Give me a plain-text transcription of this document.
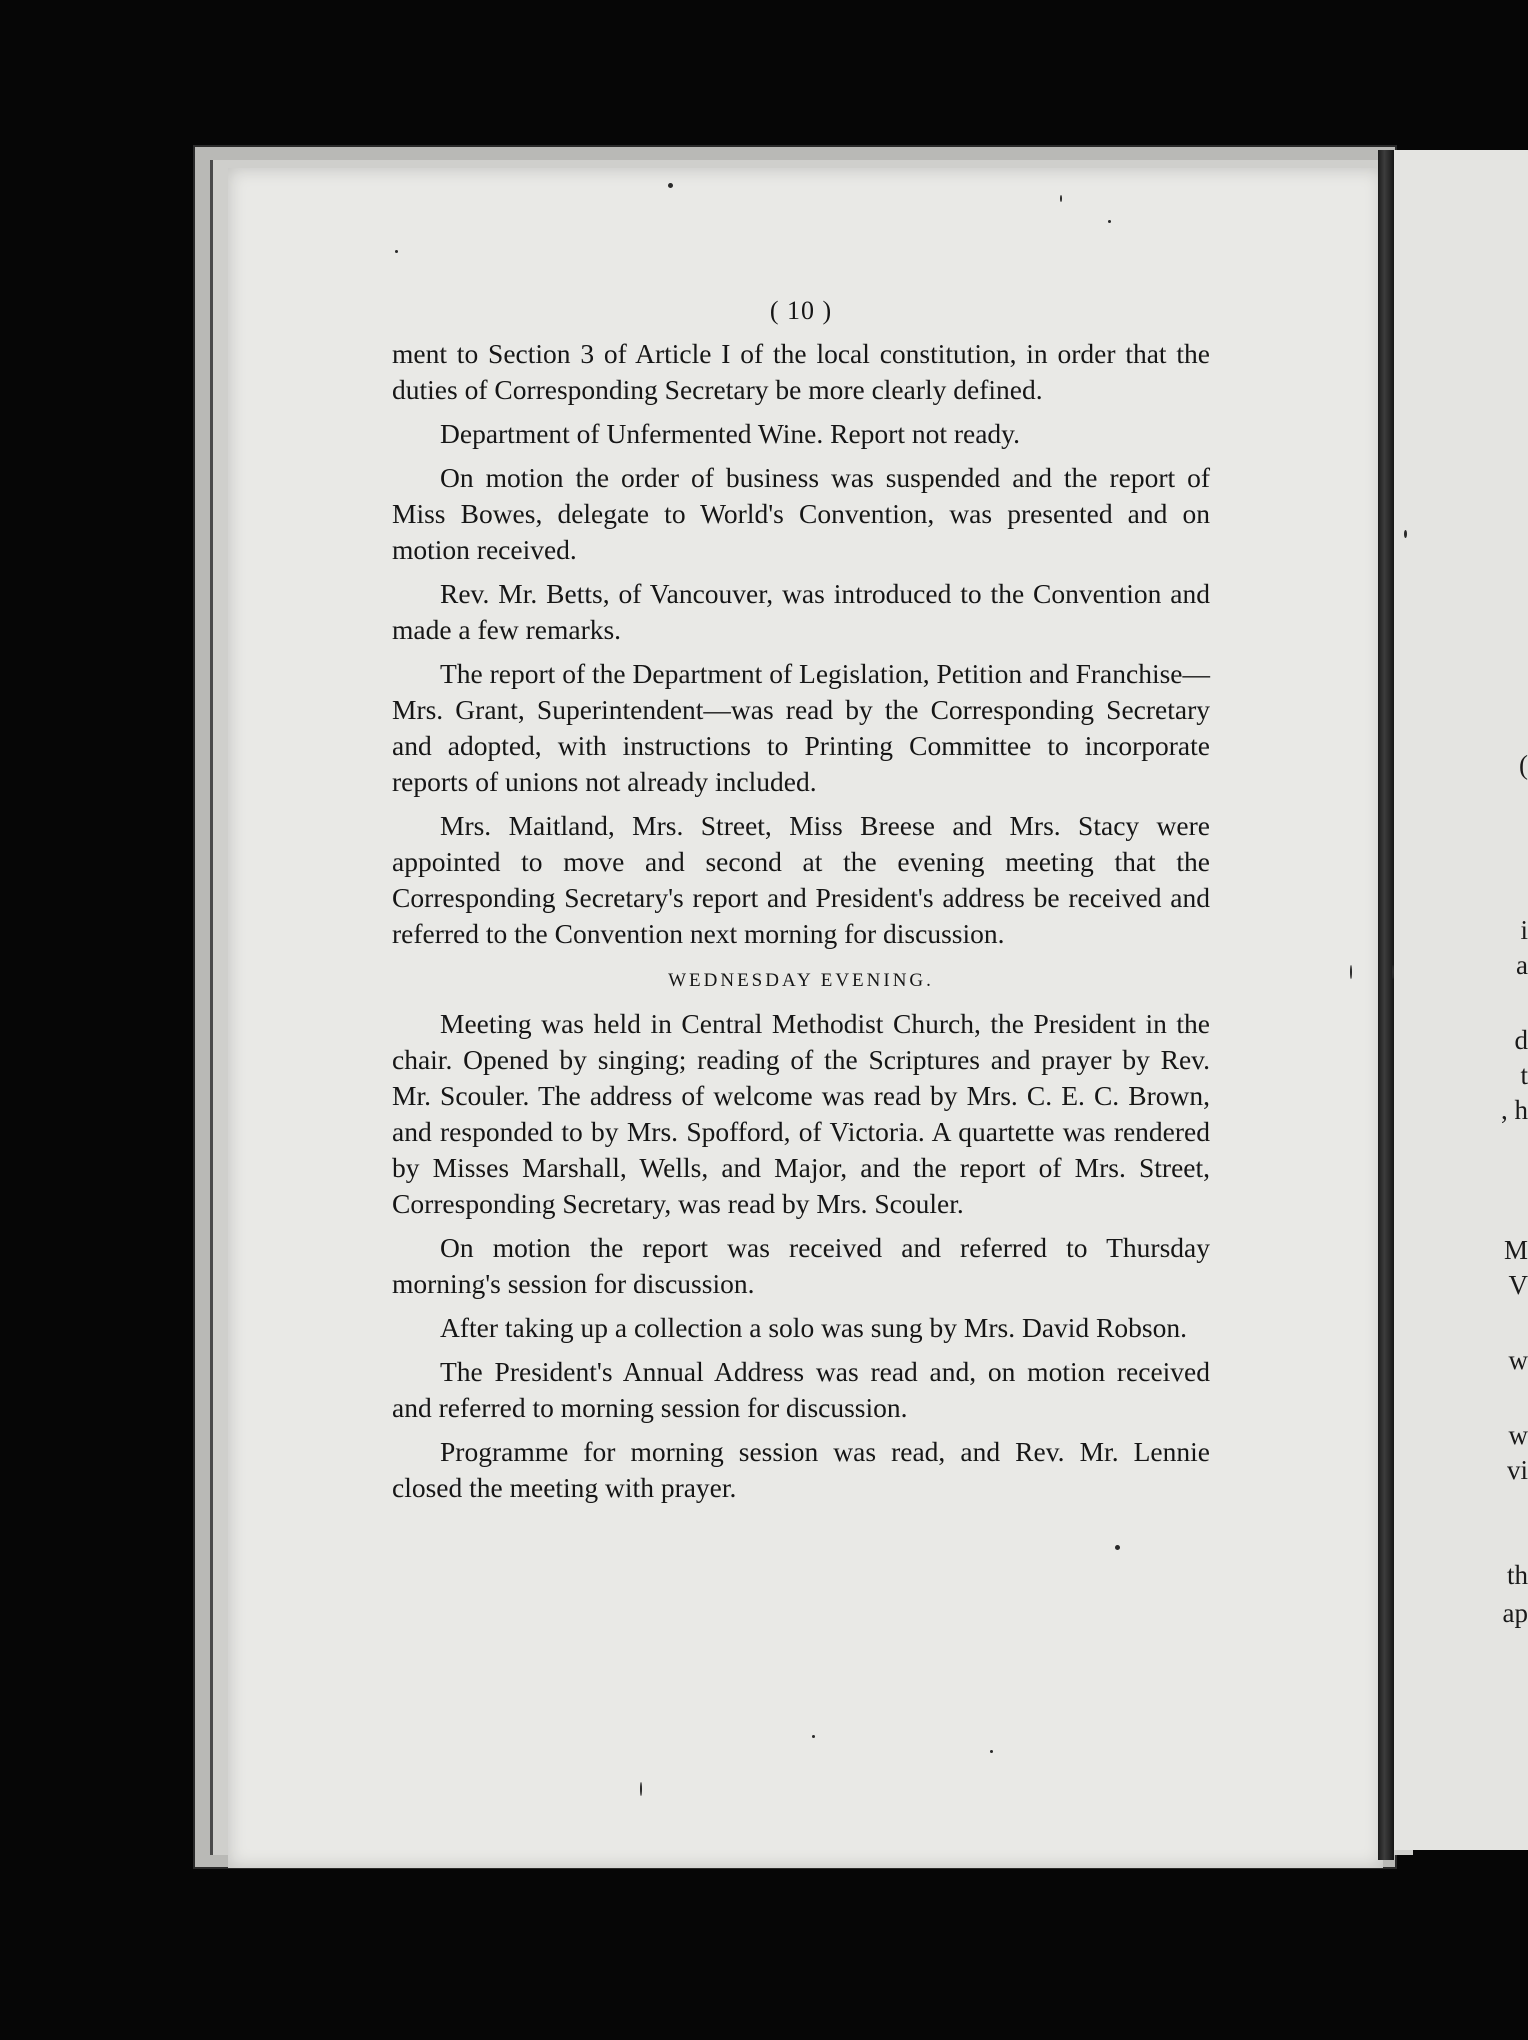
(
i
a
d
t
, h
M
V
w
w
vi
th
ap
( 10 )

ment to Section 3 of Article I of the local constitution, in order that the duties of Corresponding Secretary be more clearly defined.

Department of Unfermented Wine. Report not ready.

On motion the order of business was suspended and the report of Miss Bowes, delegate to World's Convention, was presented and on motion received.

Rev. Mr. Betts, of Vancouver, was introduced to the Convention and made a few remarks.

The report of the Department of Legislation, Petition and Franchise—Mrs. Grant, Superintendent—was read by the Corresponding Secretary and adopted, with instructions to Printing Committee to incorporate reports of unions not already included.

Mrs. Maitland, Mrs. Street, Miss Breese and Mrs. Stacy were appointed to move and second at the evening meeting that the Corresponding Secretary's report and President's address be received and referred to the Convention next morning for discussion.

WEDNESDAY EVENING.

Meeting was held in Central Methodist Church, the President in the chair. Opened by singing; reading of the Scriptures and prayer by Rev. Mr. Scouler. The address of welcome was read by Mrs. C. E. C. Brown, and responded to by Mrs. Spofford, of Victoria. A quartette was rendered by Misses Marshall, Wells, and Major, and the report of Mrs. Street, Corresponding Secretary, was read by Mrs. Scouler.

On motion the report was received and referred to Thursday morning's session for discussion.

After taking up a collection a solo was sung by Mrs. David Robson.

The President's Annual Address was read and, on motion received and referred to morning session for discussion.

Programme for morning session was read, and Rev. Mr. Lennie closed the meeting with prayer.
